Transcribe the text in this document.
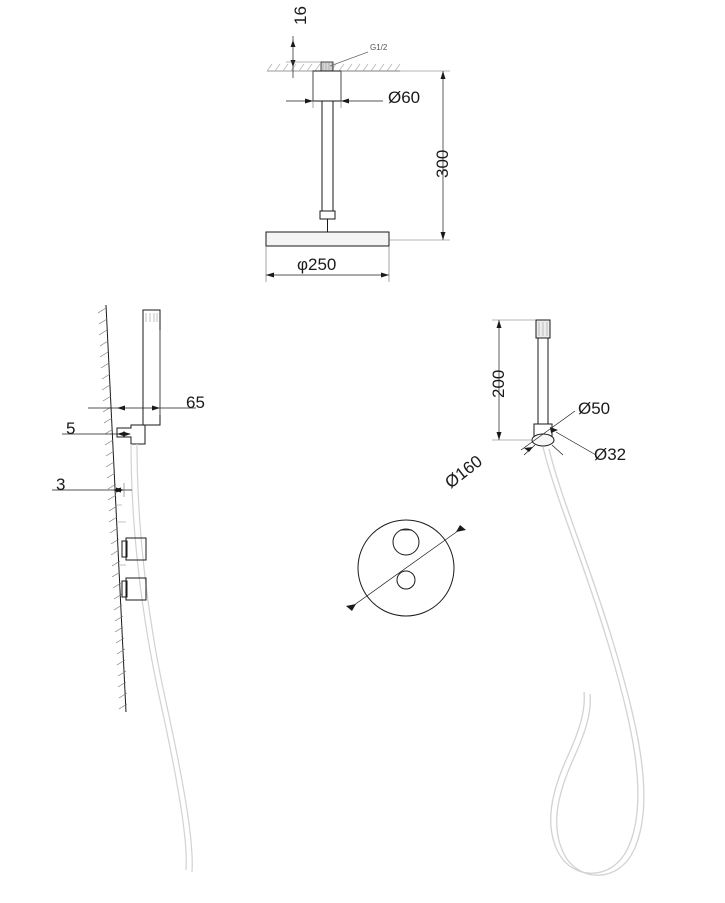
16
G1/2
Ø60
300
φ250
65
5
3
200
Ø50
Ø32
Ø160
